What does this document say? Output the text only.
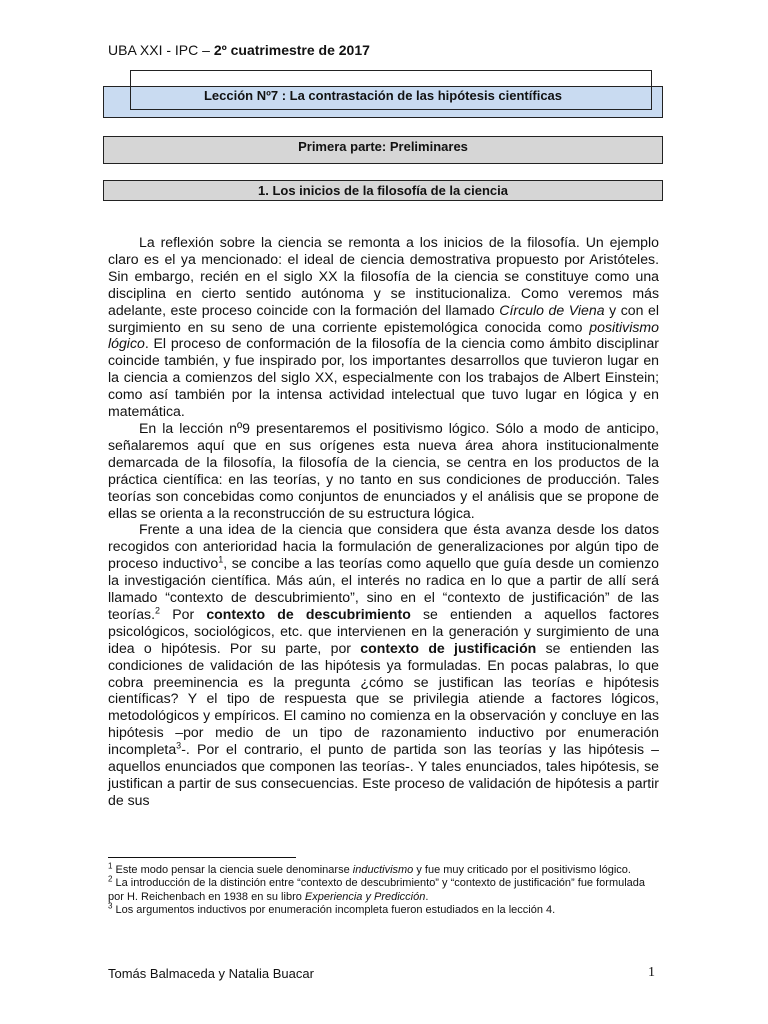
UBA XXI - IPC – 2º cuatrimestre de 2017
Lección Nº7 : La contrastación de las hipótesis científicas
Primera parte: Preliminares
1. Los inicios de la filosofía de la ciencia

La reflexión sobre la ciencia se remonta a los inicios de la filosofía. Un ejemplo claro es el ya mencionado: el ideal de ciencia demostrativa propuesto por Aristóteles. Sin embargo, recién en el siglo XX la filosofía de la ciencia se constituye como una disciplina en cierto sentido autónoma y se institucionaliza. Como veremos más adelante, este proceso coincide con la formación del llamado Círculo de Viena y con el surgimiento en su seno de una corriente epistemológica conocida como positivismo lógico. El proceso de conformación de la filosofía de la ciencia como ámbito disciplinar coincide también, y fue inspirado por, los importantes desarrollos que tuvieron lugar en la ciencia a comienzos del siglo XX, especialmente con los trabajos de Albert Einstein; como así también por la intensa actividad intelectual que tuvo lugar en lógica y en matemática.

En la lección nº9 presentaremos el positivismo lógico. Sólo a modo de anticipo, señalaremos aquí que en sus orígenes esta nueva área ahora institucionalmente demarcada de la filosofía, la filosofía de la ciencia, se centra en los productos de la práctica científica: en las teorías, y no tanto en sus condiciones de producción. Tales teorías son concebidas como conjuntos de enunciados y el análisis que se propone de ellas se orienta a la reconstrucción de su estructura lógica.

Frente a una idea de la ciencia que considera que ésta avanza desde los datos recogidos con anterioridad hacia la formulación de generalizaciones por algún tipo de proceso inductivo$^1$, se concibe a las teorías como aquello que guía desde un comienzo la investigación científica. Más aún, el interés no radica en lo que a partir de allí será llamado “contexto de descubrimiento”, sino en el “contexto de justificación” de las teorías.$^2$ Por contexto de descubrimiento se entienden a aquellos factores psicológicos, sociológicos, etc. que intervienen en la generación y surgimiento de una idea o hipótesis. Por su parte, por contexto de justificación se entienden las condiciones de validación de las hipótesis ya formuladas. En pocas palabras, lo que cobra preeminencia es la pregunta ¿cómo se justifican las teorías e hipótesis científicas? Y el tipo de respuesta que se privilegia atiende a factores lógicos, metodológicos y empíricos. El camino no comienza en la observación y concluye en las hipótesis –por medio de un tipo de razonamiento inductivo por enumeración incompleta$^3$-. Por el contrario, el punto de partida son las teorías y las hipótesis –aquellos enunciados que componen las teorías-. Y tales enunciados, tales hipótesis, se justifican a partir de sus consecuencias. Este proceso de validación de hipótesis a partir de sus

$^1$ Este modo pensar la ciencia suele denominarse inductivismo y fue muy criticado por el positivismo lógico.

$^2$ La introducción de la distinción entre “contexto de descubrimiento” y “contexto de justificación” fue formulada por H. Reichenbach en 1938 en su libro Experiencia y Predicción.

$^3$ Los argumentos inductivos por enumeración incompleta fueron estudiados en la lección 4.

Tomás Balmaceda y Natalia Buacar	1
